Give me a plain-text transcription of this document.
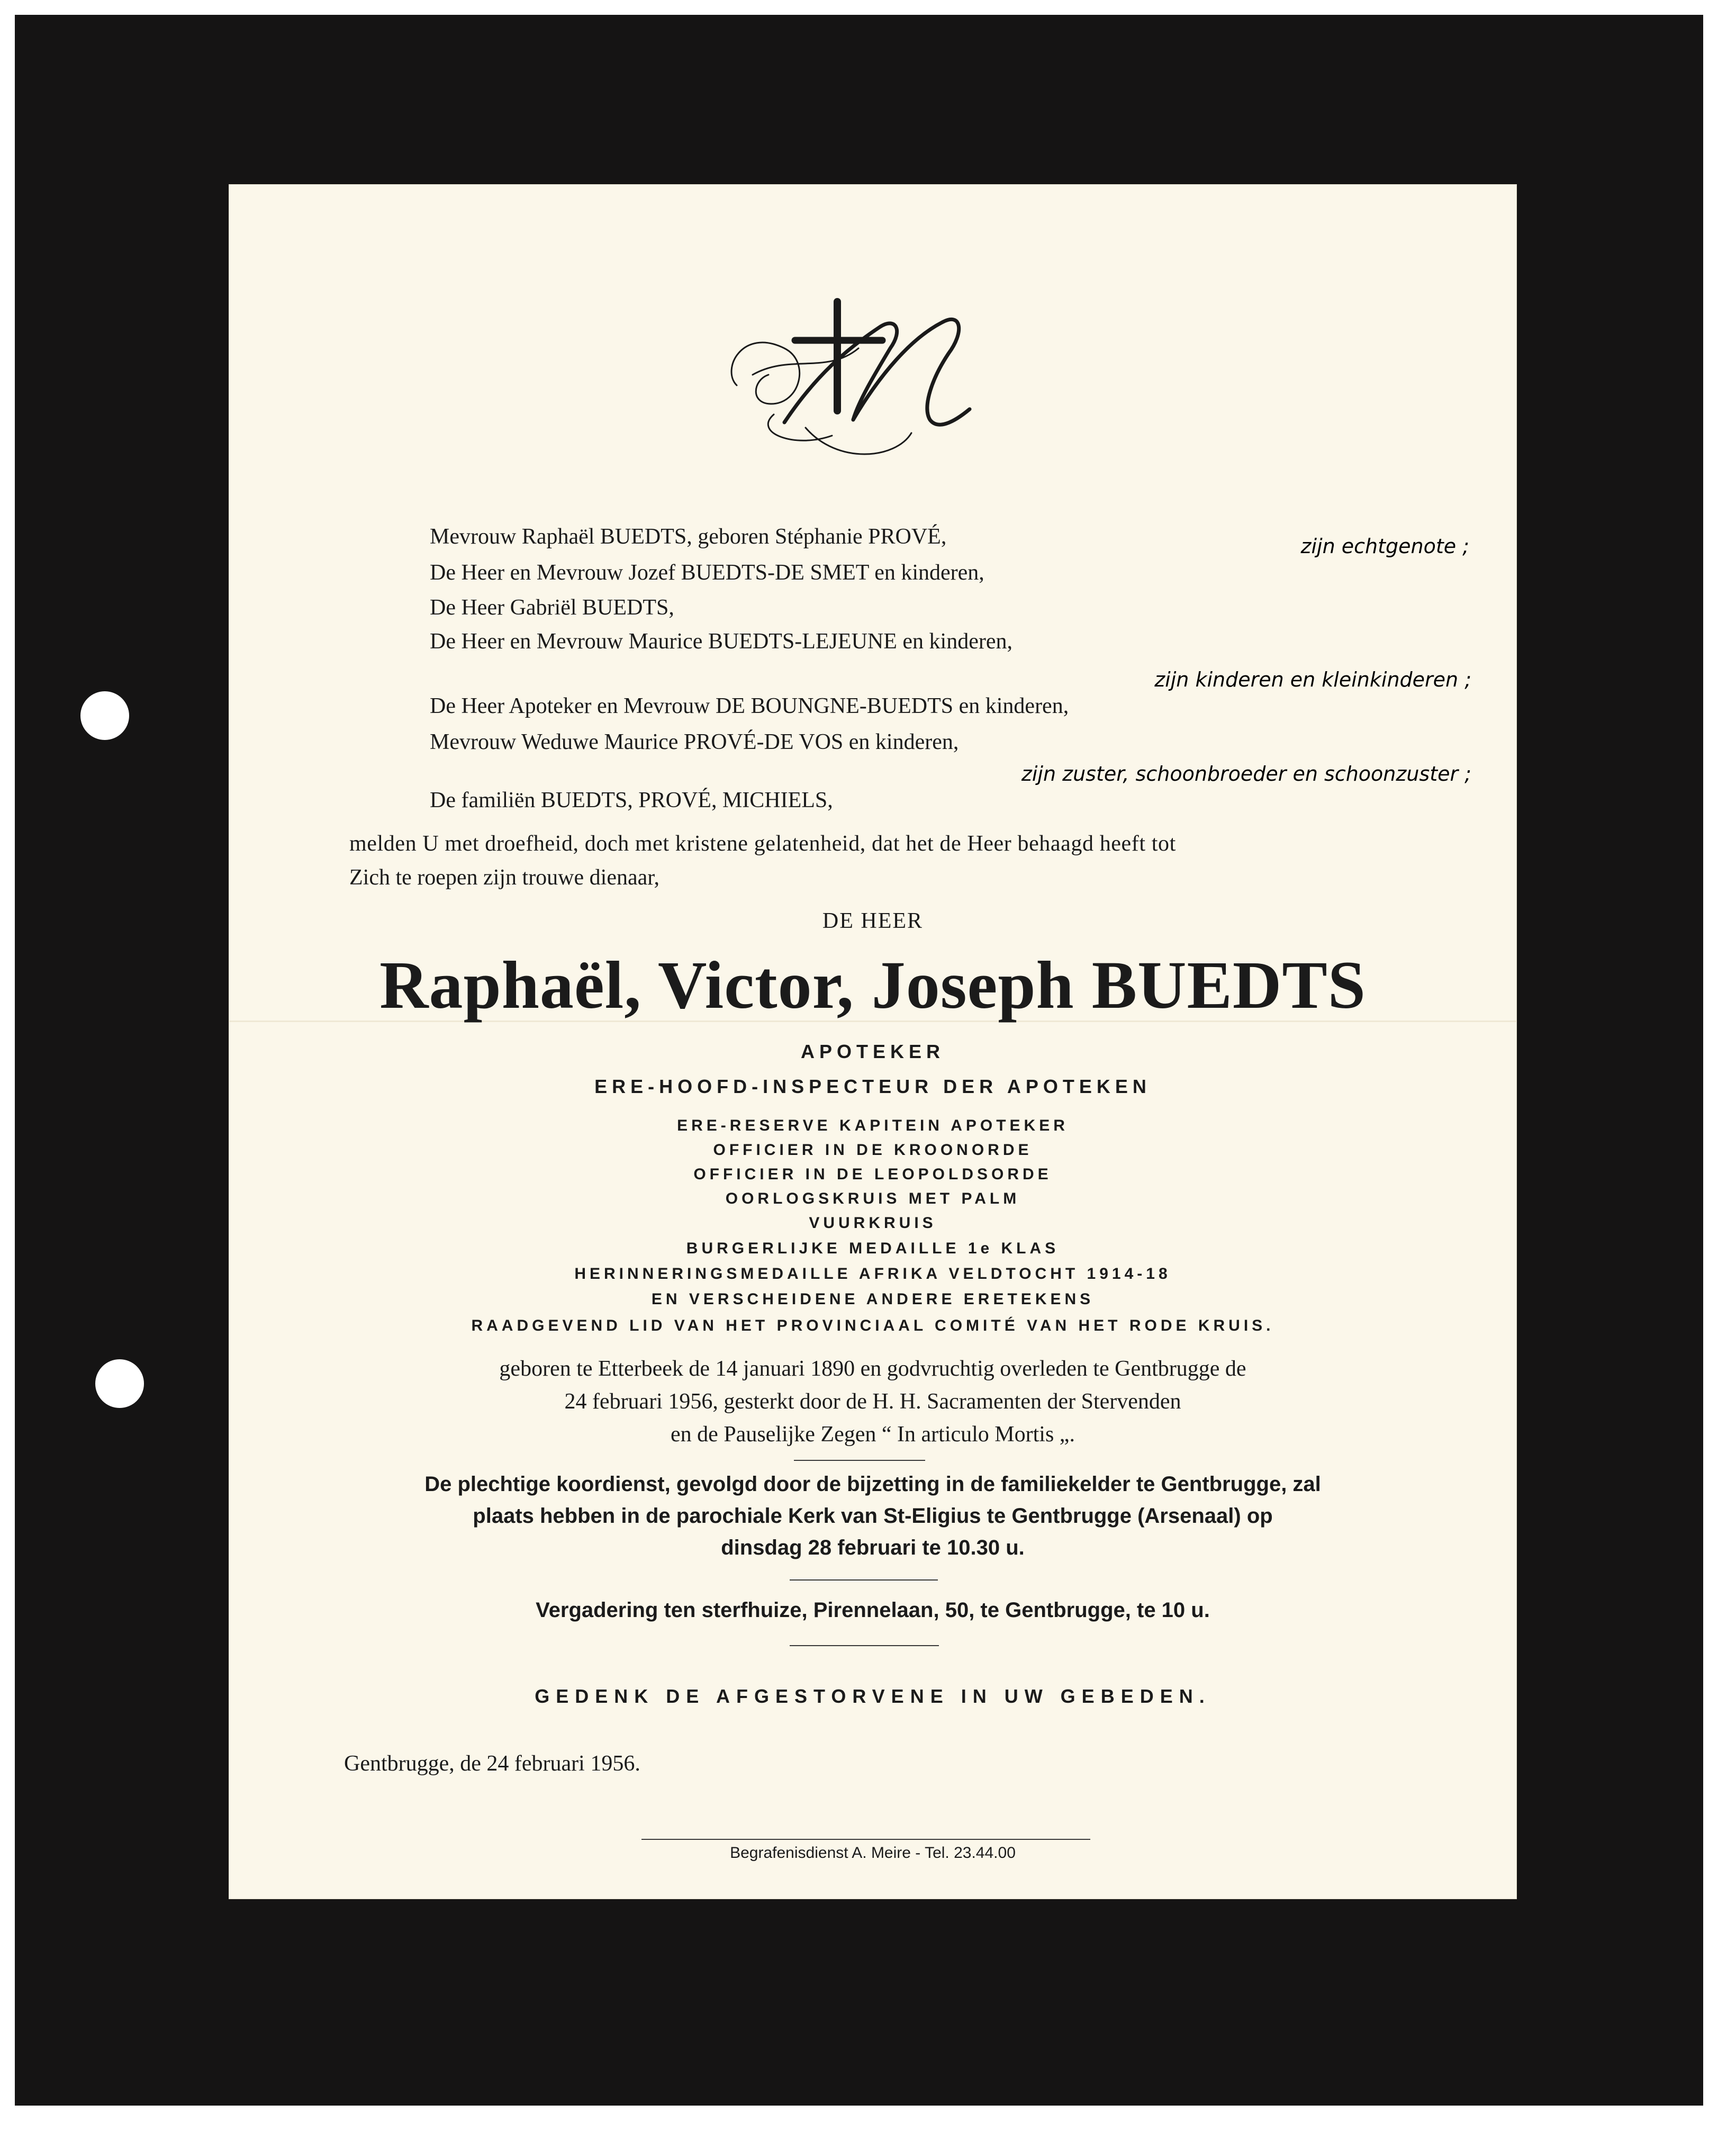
Mevrouw Raphaël BUEDTS, geboren Stéphanie PROVÉ,	zijn echtgenote ;

De Heer en Mevrouw Jozef BUEDTS-DE SMET en kinderen,

De Heer Gabriël BUEDTS,

De Heer en Mevrouw Maurice BUEDTS-LEJEUNE en kinderen,

zijn kinderen en kleinkinderen ;

De Heer Apoteker en Mevrouw DE BOUNGNE-BUEDTS en kinderen,

Mevrouw Weduwe Maurice PROVÉ-DE VOS en kinderen,

zijn zuster, schoonbroeder en schoonzuster ;

De familiën BUEDTS, PROVÉ, MICHIELS,

melden U met droefheid, doch met kristene gelatenheid, dat het de Heer behaagd heeft tot

Zich te roepen zijn trouwe dienaar,

DE HEER

Raphaël, Victor, Joseph BUEDTS

APOTEKER

ERE-HOOFD-INSPECTEUR DER APOTEKEN

ERE-RESERVE KAPITEIN APOTEKER

OFFICIER IN DE KROONORDE

OFFICIER IN DE LEOPOLDSORDE

OORLOGSKRUIS MET PALM

VUURKRUIS

BURGERLIJKE MEDAILLE 1e KLAS

HERINNERINGSMEDAILLE AFRIKA VELDTOCHT 1914-18

EN VERSCHEIDENE ANDERE ERETEKENS

RAADGEVEND LID VAN HET PROVINCIAAL COMITÉ VAN HET RODE KRUIS.

geboren te Etterbeek de 14 januari 1890 en godvruchtig overleden te Gentbrugge de

24 februari 1956, gesterkt door de H. H. Sacramenten der Stervenden

en de Pauselijke Zegen “ In articulo Mortis „.

De plechtige koordienst, gevolgd door de bijzetting in de familiekelder te Gentbrugge, zal

plaats hebben in de parochiale Kerk van St-Eligius te Gentbrugge (Arsenaal) op

dinsdag 28 februari te 10.30 u.

Vergadering ten sterfhuize, Pirennelaan, 50, te Gentbrugge, te 10 u.

GEDENK DE AFGESTORVENE IN UW GEBEDEN.

Gentbrugge, de 24 februari 1956.

Begrafenisdienst A. Meire - Tel. 23.44.00
